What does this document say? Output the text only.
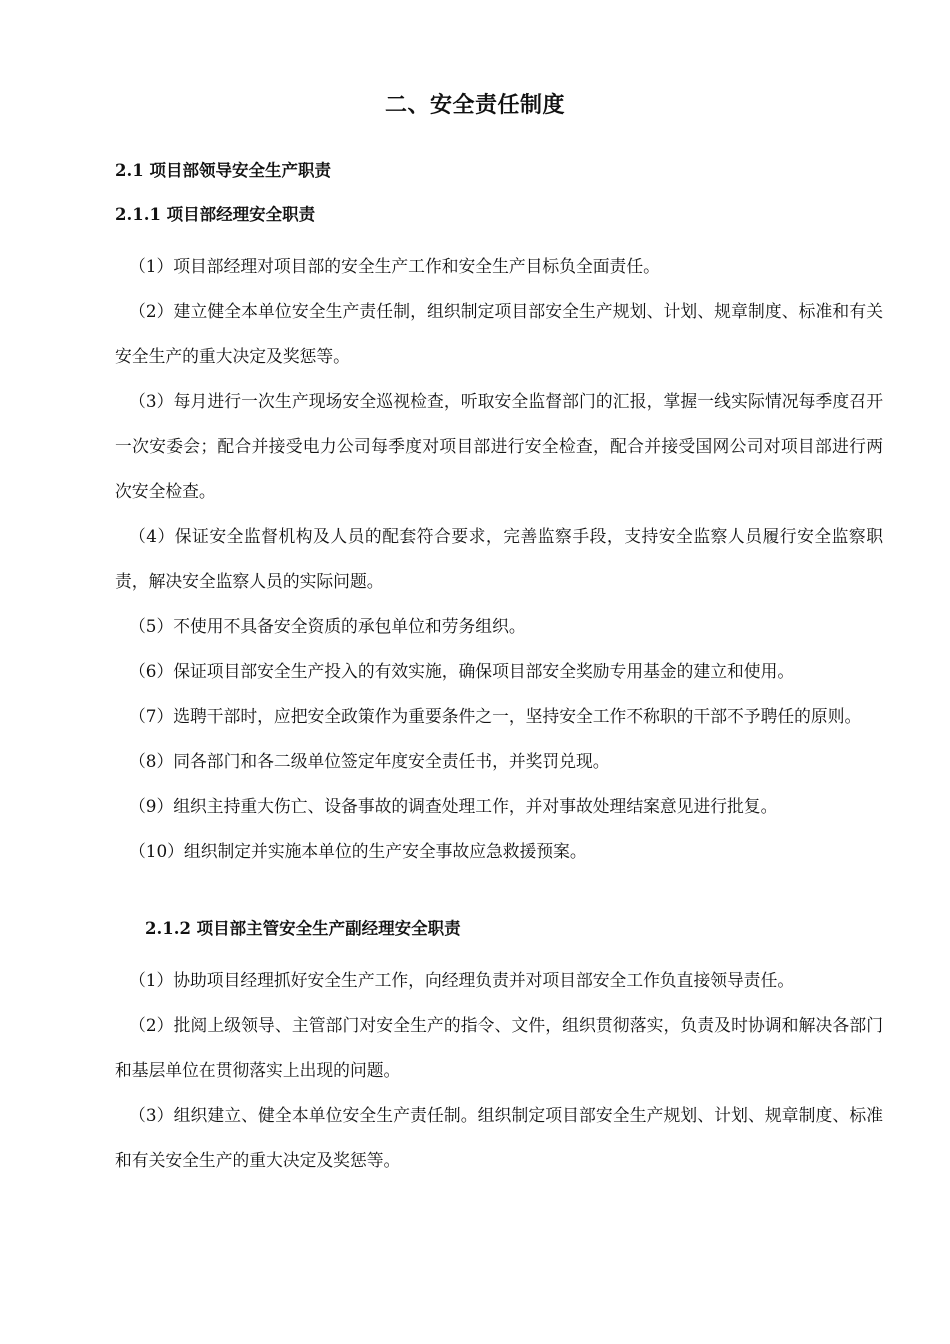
二、安全责任制度
2.1 项目部领导安全生产职责
2.1.1 项目部经理安全职责

（1）项目部经理对项目部的安全生产工作和安全生产目标负全面责任。

（2）建立健全本单位安全生产责任制，组织制定项目部安全生产规划、计划、规章制度、标准和有关安全生产的重大决定及奖惩等。

（3）每月进行一次生产现场安全巡视检查，听取安全监督部门的汇报，掌握一线实际情况每季度召开一次安委会；配合并接受电力公司每季度对项目部进行安全检查，配合并接受国网公司对项目部进行两次安全检查。

（4）保证安全监督机构及人员的配套符合要求，完善监察手段，支持安全监察人员履行安全监察职责，解决安全监察人员的实际问题。

（5）不使用不具备安全资质的承包单位和劳务组织。

（6）保证项目部安全生产投入的有效实施，确保项目部安全奖励专用基金的建立和使用。

（7）选聘干部时，应把安全政策作为重要条件之一，坚持安全工作不称职的干部不予聘任的原则。

（8）同各部门和各二级单位签定年度安全责任书，并奖罚兑现。

（9）组织主持重大伤亡、设备事故的调查处理工作，并对事故处理结案意见进行批复。

（10）组织制定并实施本单位的生产安全事故应急救援预案。

2.1.2 项目部主管安全生产副经理安全职责

（1）协助项目经理抓好安全生产工作，向经理负责并对项目部安全工作负直接领导责任。

（2）批阅上级领导、主管部门对安全生产的指令、文件，组织贯彻落实，负责及时协调和解决各部门和基层单位在贯彻落实上出现的问题。

（3）组织建立、健全本单位安全生产责任制。组织制定项目部安全生产规划、计划、规章制度、标准和有关安全生产的重大决定及奖惩等。
